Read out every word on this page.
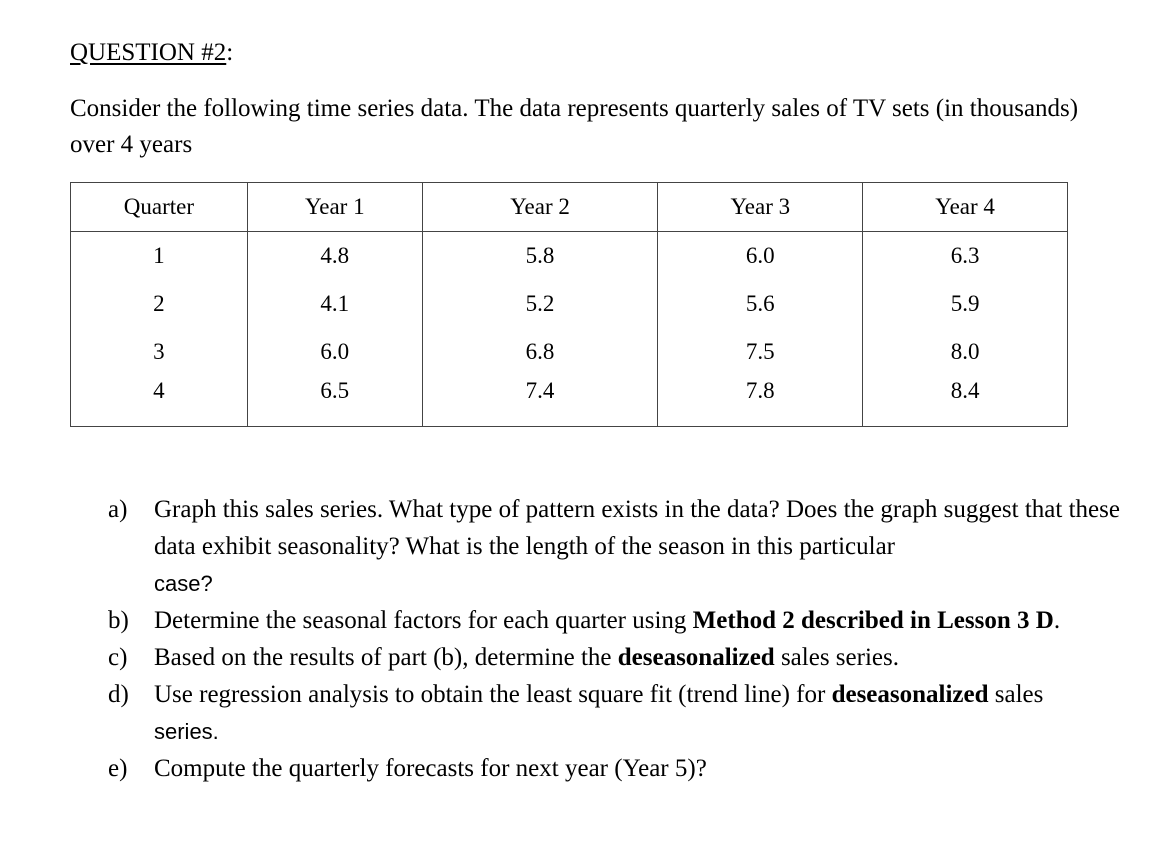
QUESTION #2:
Consider the following time series data. The data represents quarterly sales of TV sets (in thousands) over 4 years
Quarter	Year 1	Year 2	Year 3	Year 4
1	4.8	5.8	6.0	6.3
2	4.1	5.2	5.6	5.9
3	6.0	6.8	7.5	8.0
4	6.5	7.4	7.8	8.4
a) Graph this sales series. What type of pattern exists in the data? Does the graph suggest that these data exhibit seasonality? What is the length of the season in this particular
case?
b) Determine the seasonal factors for each quarter using Method 2 described in Lesson 3 D.
c) Based on the results of part (b), determine the deseasonalized sales series.
d) Use regression analysis to obtain the least square fit (trend line) for deseasonalized sales
series.
e) Compute the quarterly forecasts for next year (Year 5)?
